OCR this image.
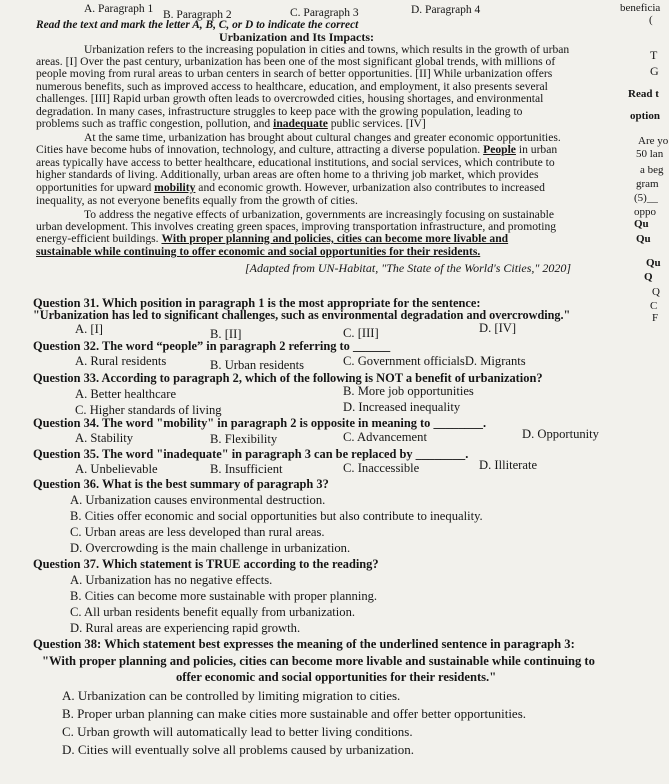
A. Paragraph 1 B. Paragraph 2	C. Paragraph 3	D. Paragraph 4
Read the text and mark the letter A, B, C, or D to indicate the correct
Urbanization and Its Impacts:
Urbanization refers to the increasing population in cities and towns, which results in the growth of urban
areas. [I] Over the past century, urbanization has been one of the most significant global trends, with millions of
people moving from rural areas to urban centers in search of better opportunities. [II] While urbanization offers
numerous benefits, such as improved access to healthcare, education, and employment, it also presents several
challenges. [III] Rapid urban growth often leads to overcrowded cities, housing shortages, and environmental
degradation. In many cases, infrastructure struggles to keep pace with the growing population, leading to
problems such as traffic congestion, pollution, and inadequate public services. [IV]
At the same time, urbanization has brought about cultural changes and greater economic opportunities.
Cities have become hubs of innovation, technology, and culture, attracting a diverse population. People in urban
areas typically have access to better healthcare, educational institutions, and social services, which contribute to
higher standards of living. Additionally, urban areas are often home to a thriving job market, which provides
opportunities for upward mobility and economic growth. However, urbanization also contributes to increased
inequality, as not everyone benefits equally from the growth of cities.
To address the negative effects of urbanization, governments are increasingly focusing on sustainable
urban development. This involves creating green spaces, improving transportation infrastructure, and promoting
energy-efficient buildings. With proper planning and policies, cities can become more livable and
sustainable while continuing to offer economic and social opportunities for their residents.
[Adapted from UN-Habitat, "The State of the World's Cities," 2020]
Question 31. Which position in paragraph 1 is the most appropriate for the sentence:
"Urbanization has led to significant challenges, such as environmental degradation and overcrowding."
A. [I]	B. [II]	C. [III]	D. [IV]
Question 32. The word “people” in paragraph 2 referring to ______
A. Rural residents	B. Urban residents	C. Government officialsD. Migrants
Question 33. According to paragraph 2, which of the following is NOT a benefit of urbanization?
A. Better healthcare	B. More job opportunities
C. Higher standards of living	D. Increased inequality
Question 34. The word "mobility" in paragraph 2 is opposite in meaning to ________.
A. Stability	B. Flexibility	C. Advancement	D. Opportunity
Question 35. The word "inadequate" in paragraph 3 can be replaced by ________.
A. Unbelievable	B. Insufficient	C. Inaccessible	D. Illiterate
Question 36. What is the best summary of paragraph 3?
A. Urbanization causes environmental destruction.
B. Cities offer economic and social opportunities but also contribute to inequality.
C. Urban areas are less developed than rural areas.
D. Overcrowding is the main challenge in urbanization.
Question 37. Which statement is TRUE according to the reading?
A. Urbanization has no negative effects.
B. Cities can become more sustainable with proper planning.
C. All urban residents benefit equally from urbanization.
D. Rural areas are experiencing rapid growth.
Question 38: Which statement best expresses the meaning of the underlined sentence in paragraph 3:
"With proper planning and policies, cities can become more livable and sustainable while continuing to
offer economic and social opportunities for their residents."
A. Urbanization can be controlled by limiting migration to cities.
B. Proper urban planning can make cities more sustainable and offer better opportunities.
C. Urban growth will automatically lead to better living conditions.
D. Cities will eventually solve all problems caused by urbanization.
beneficia
(
T
G
Read t
option
Are yo
50 lan
a beg
gram
(5)__
oppo
Qu
Qu
Qu
Q
Q
C
F
